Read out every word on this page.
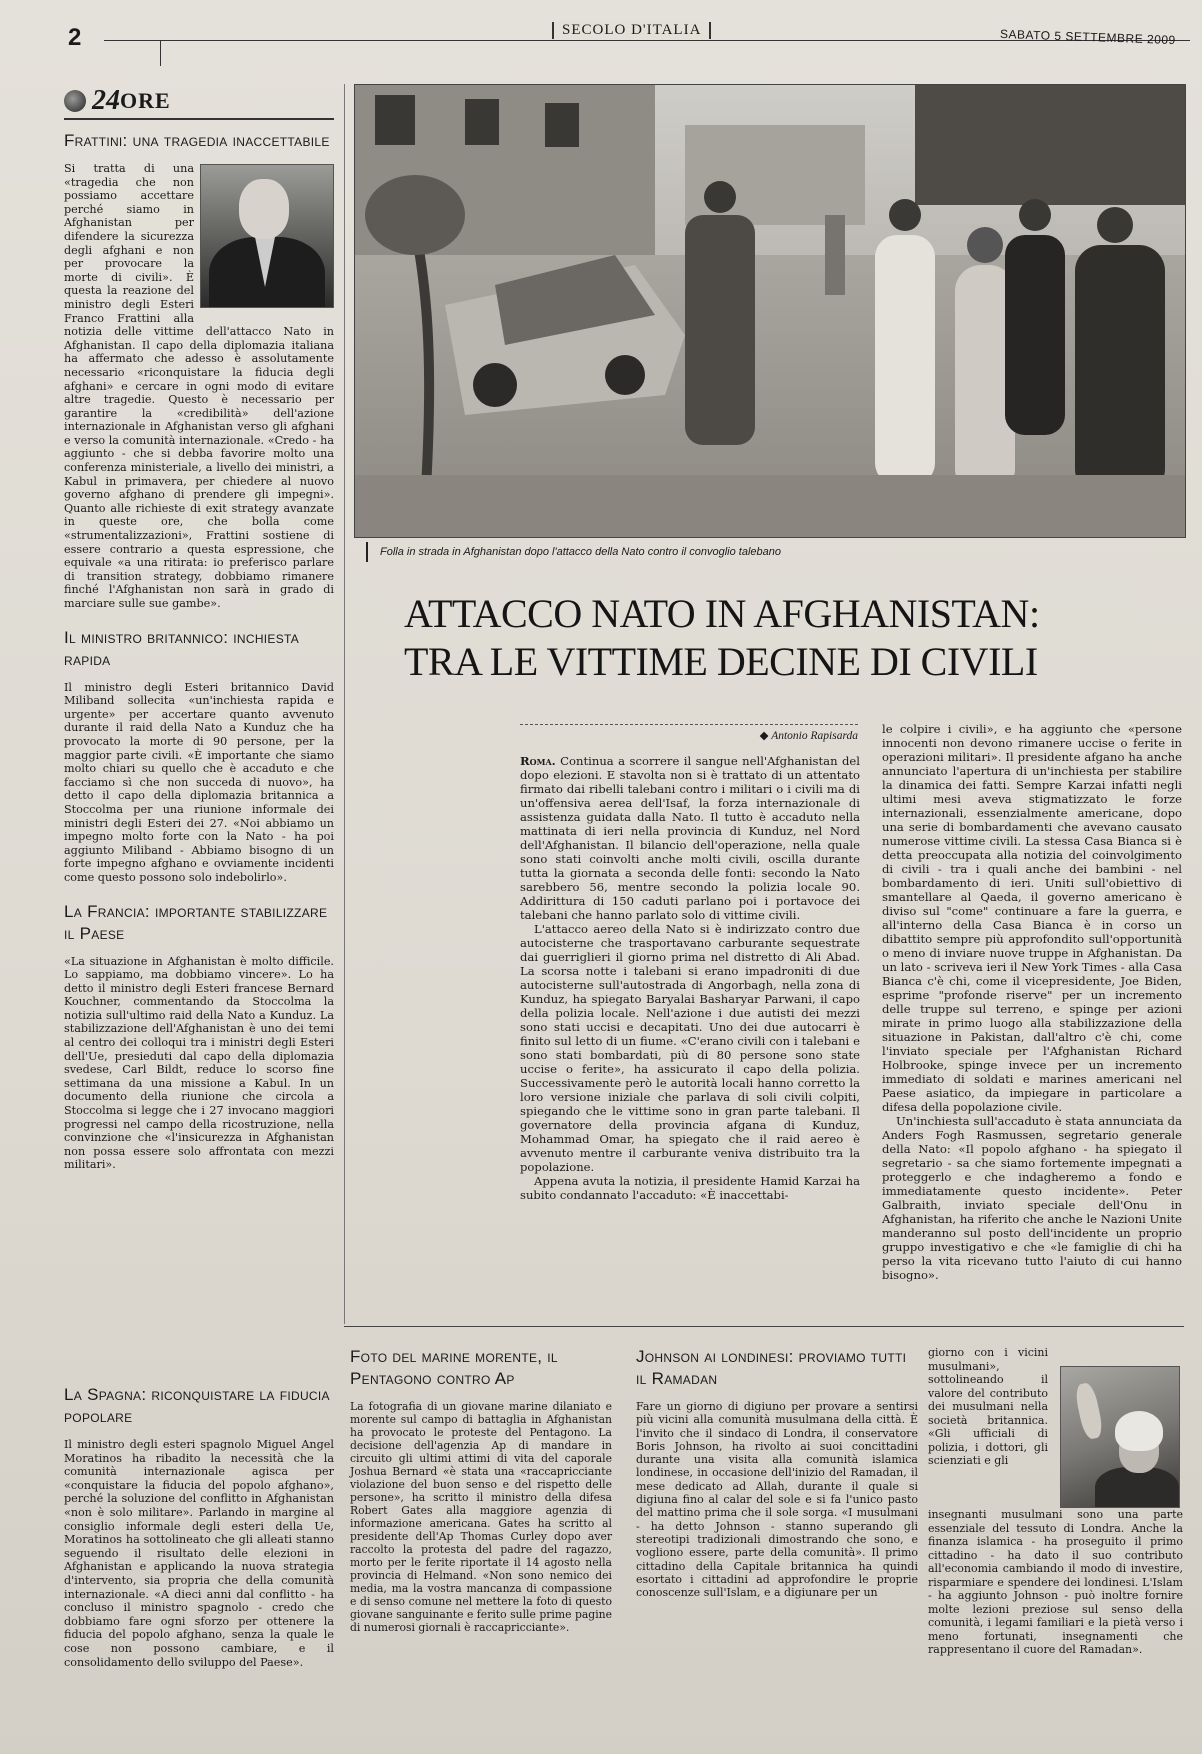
2	SECOLO D'ITALIA	SABATO 5 SETTEMBRE 2009
24 ORE
Frattini: una tragedia inaccettabile

Si tratta di una «tragedia che non possiamo accettare perché siamo in Afghanistan per difendere la sicurezza degli afghani e non per provocare la morte di civili». È questa la reazione del ministro degli Esteri Franco Frattini alla notizia delle vittime dell'attacco Nato in Afghanistan. Il capo della diplomazia italiana ha affermato che adesso è assolutamente necessario «riconquistare la fiducia degli afghani» e cercare in ogni modo di evitare altre tragedie. Questo è necessario per garantire la «credibilità» dell'azione internazionale in Afghanistan verso gli afghani e verso la comunità internazionale. «Credo - ha aggiunto - che si debba favorire molto una conferenza ministeriale, a livello dei ministri, a Kabul in primavera, per chiedere al nuovo governo afghano di prendere gli impegni». Quanto alle richieste di exit strategy avanzate in queste ore, che bolla come «strumentalizzazioni», Frattini sostiene di essere contrario a questa espressione, che equivale «a una ritirata: io preferisco parlare di transition strategy, dobbiamo rimanere finché l'Afghanistan non sarà in grado di marciare sulle sue gambe».

Il ministro britannico: inchiesta rapida

Il ministro degli Esteri britannico David Miliband sollecita «un'inchiesta rapida e urgente» per accertare quanto avvenuto durante il raid della Nato a Kunduz che ha provocato la morte di 90 persone, per la maggior parte civili. «È importante che siamo molto chiari su quello che è accaduto e che facciamo sì che non succeda di nuovo», ha detto il capo della diplomazia britannica a Stoccolma per una riunione informale dei ministri degli Esteri dei 27. «Noi abbiamo un impegno molto forte con la Nato - ha poi aggiunto Miliband - Abbiamo bisogno di un forte impegno afghano e ovviamente incidenti come questo possono solo indebolirlo».

La Francia: importante stabilizzare il Paese

«La situazione in Afghanistan è molto difficile. Lo sappiamo, ma dobbiamo vincere». Lo ha detto il ministro degli Esteri francese Bernard Kouchner, commentando da Stoccolma la notizia sull'ultimo raid della Nato a Kunduz. La stabilizzazione dell'Afghanistan è uno dei temi al centro dei colloqui tra i ministri degli Esteri dell'Ue, presieduti dal capo della diplomazia svedese, Carl Bildt, reduce lo scorso fine settimana da una missione a Kabul. In un documento della riunione che circola a Stoccolma si legge che i 27 invocano maggiori progressi nel campo della ricostruzione, nella convinzione che «l'insicurezza in Afghanistan non possa essere solo affrontata con mezzi militari».

Folla in strada in Afghanistan dopo l'attacco della Nato contro il convoglio talebano
ATTACCO NATO IN AFGHANISTAN:
TRA LE VITTIME DECINE DI CIVILI
◆ Antonio Rapisarda

Roma. Continua a scorrere il sangue nell'Afghanistan del dopo elezioni. E stavolta non si è trattato di un attentato firmato dai ribelli talebani contro i militari o i civili ma di un'offensiva aerea dell'Isaf, la forza internazionale di assistenza guidata dalla Nato. Il tutto è accaduto nella mattinata di ieri nella provincia di Kunduz, nel Nord dell'Afghanistan. Il bilancio dell'operazione, nella quale sono stati coinvolti anche molti civili, oscilla durante tutta la giornata a seconda delle fonti: secondo la Nato sarebbero 56, mentre secondo la polizia locale 90. Addirittura di 150 caduti parlano poi i portavoce dei talebani che hanno parlato solo di vittime civili.

L'attacco aereo della Nato si è indirizzato contro due autocisterne che trasportavano carburante sequestrate dai guerriglieri il giorno prima nel distretto di Ali Abad. La scorsa notte i talebani si erano impadroniti di due autocisterne sull'autostrada di Angorbagh, nella zona di Kunduz, ha spiegato Baryalai Basharyar Parwani, il capo della polizia locale. Nell'azione i due autisti dei mezzi sono stati uccisi e decapitati. Uno dei due autocarri è finito sul letto di un fiume. «C'erano civili con i talebani e sono stati bombardati, più di 80 persone sono state uccise o ferite», ha assicurato il capo della polizia. Successivamente però le autorità locali hanno corretto la loro versione iniziale che parlava di soli civili colpiti, spiegando che le vittime sono in gran parte talebani. Il governatore della provincia afgana di Kunduz, Mohammad Omar, ha spiegato che il raid aereo è avvenuto mentre il carburante veniva distribuito tra la popolazione.

Appena avuta la notizia, il presidente Hamid Karzai ha subito condannato l'accaduto: «È inaccettabi-

le colpire i civili», e ha aggiunto che «persone innocenti non devono rimanere uccise o ferite in operazioni militari». Il presidente afgano ha anche annunciato l'apertura di un'inchiesta per stabilire la dinamica dei fatti. Sempre Karzai infatti negli ultimi mesi aveva stigmatizzato le forze internazionali, essenzialmente americane, dopo una serie di bombardamenti che avevano causato numerose vittime civili. La stessa Casa Bianca si è detta preoccupata alla notizia del coinvolgimento di civili - tra i quali anche dei bambini - nel bombardamento di ieri. Uniti sull'obiettivo di smantellare al Qaeda, il governo americano è diviso sul "come" continuare a fare la guerra, e all'interno della Casa Bianca è in corso un dibattito sempre più approfondito sull'opportunità o meno di inviare nuove truppe in Afghanistan. Da un lato - scriveva ieri il New York Times - alla Casa Bianca c'è chi, come il vicepresidente, Joe Biden, esprime "profonde riserve" per un incremento delle truppe sul terreno, e spinge per azioni mirate in primo luogo alla stabilizzazione della situazione in Pakistan, dall'altro c'è chi, come l'inviato speciale per l'Afghanistan Richard Holbrooke, spinge invece per un incremento immediato di soldati e marines americani nel Paese asiatico, da impiegare in particolare a difesa della popolazione civile.

Un'inchiesta sull'accaduto è stata annunciata da Anders Fogh Rasmussen, segretario generale della Nato: «Il popolo afghano - ha spiegato il segretario - sa che siamo fortemente impegnati a proteggerlo e che indagheremo a fondo e immediatamente questo incidente». Peter Galbraith, inviato speciale dell'Onu in Afghanistan, ha riferito che anche le Nazioni Unite manderanno sul posto dell'incidente un proprio gruppo investigativo e che «le famiglie di chi ha perso la vita ricevano tutto l'aiuto di cui hanno bisogno».

La Spagna: riconquistare la fiducia popolare

Il ministro degli esteri spagnolo Miguel Angel Moratinos ha ribadito la necessità che la comunità internazionale agisca per «conquistare la fiducia del popolo afghano», perché la soluzione del conflitto in Afghanistan «non è solo militare». Parlando in margine al consiglio informale degli esteri della Ue, Moratinos ha sottolineato che gli alleati stanno seguendo il risultato delle elezioni in Afghanistan e applicando la nuova strategia d'intervento, sia propria che della comunità internazionale. «A dieci anni dal conflitto - ha concluso il ministro spagnolo - credo che dobbiamo fare ogni sforzo per ottenere la fiducia del popolo afghano, senza la quale le cose non possono cambiare, e il consolidamento dello sviluppo del Paese».

Foto del marine morente, il Pentagono contro Ap

La fotografia di un giovane marine dilaniato e morente sul campo di battaglia in Afghanistan ha provocato le proteste del Pentagono. La decisione dell'agenzia Ap di mandare in circuito gli ultimi attimi di vita del caporale Joshua Bernard «è stata una «raccapricciante violazione del buon senso e del rispetto delle persone», ha scritto il ministro della difesa Robert Gates alla maggiore agenzia di informazione americana. Gates ha scritto al presidente dell'Ap Thomas Curley dopo aver raccolto la protesta del padre del ragazzo, morto per le ferite riportate il 14 agosto nella provincia di Helmand. «Non sono nemico dei media, ma la vostra mancanza di compassione e di senso comune nel mettere la foto di questo giovane sanguinante e ferito sulle prime pagine di numerosi giornali è raccapricciante».

Johnson ai londinesi: proviamo tutti il Ramadan

Fare un giorno di digiuno per provare a sentirsi più vicini alla comunità musulmana della città. È l'invito che il sindaco di Londra, il conservatore Boris Johnson, ha rivolto ai suoi concittadini durante una visita alla comunità islamica londinese, in occasione dell'inizio del Ramadan, il mese dedicato ad Allah, durante il quale si digiuna fino al calar del sole e si fa l'unico pasto del mattino prima che il sole sorga. «I musulmani - ha detto Johnson - stanno superando gli stereotipi tradizionali dimostrando che sono, e vogliono essere, parte della comunità». Il primo cittadino della Capitale britannica ha quindi esortato i cittadini ad approfondire le proprie conoscenze sull'Islam, e a digiunare per un

giorno con i vicini musulmani», sottolineando il valore del contributo dei musulmani nella società britannica. «Gli ufficiali di polizia, i dottori, gli scienziati e gli

insegnanti musulmani sono una parte essenziale del tessuto di Londra. Anche la finanza islamica - ha proseguito il primo cittadino - ha dato il suo contributo all'economia cambiando il modo di investire, risparmiare e spendere dei londinesi. L'Islam - ha aggiunto Johnson - può inoltre fornire molte lezioni preziose sul senso della comunità, i legami familiari e la pietà verso i meno fortunati, insegnamenti che rappresentano il cuore del Ramadan».
